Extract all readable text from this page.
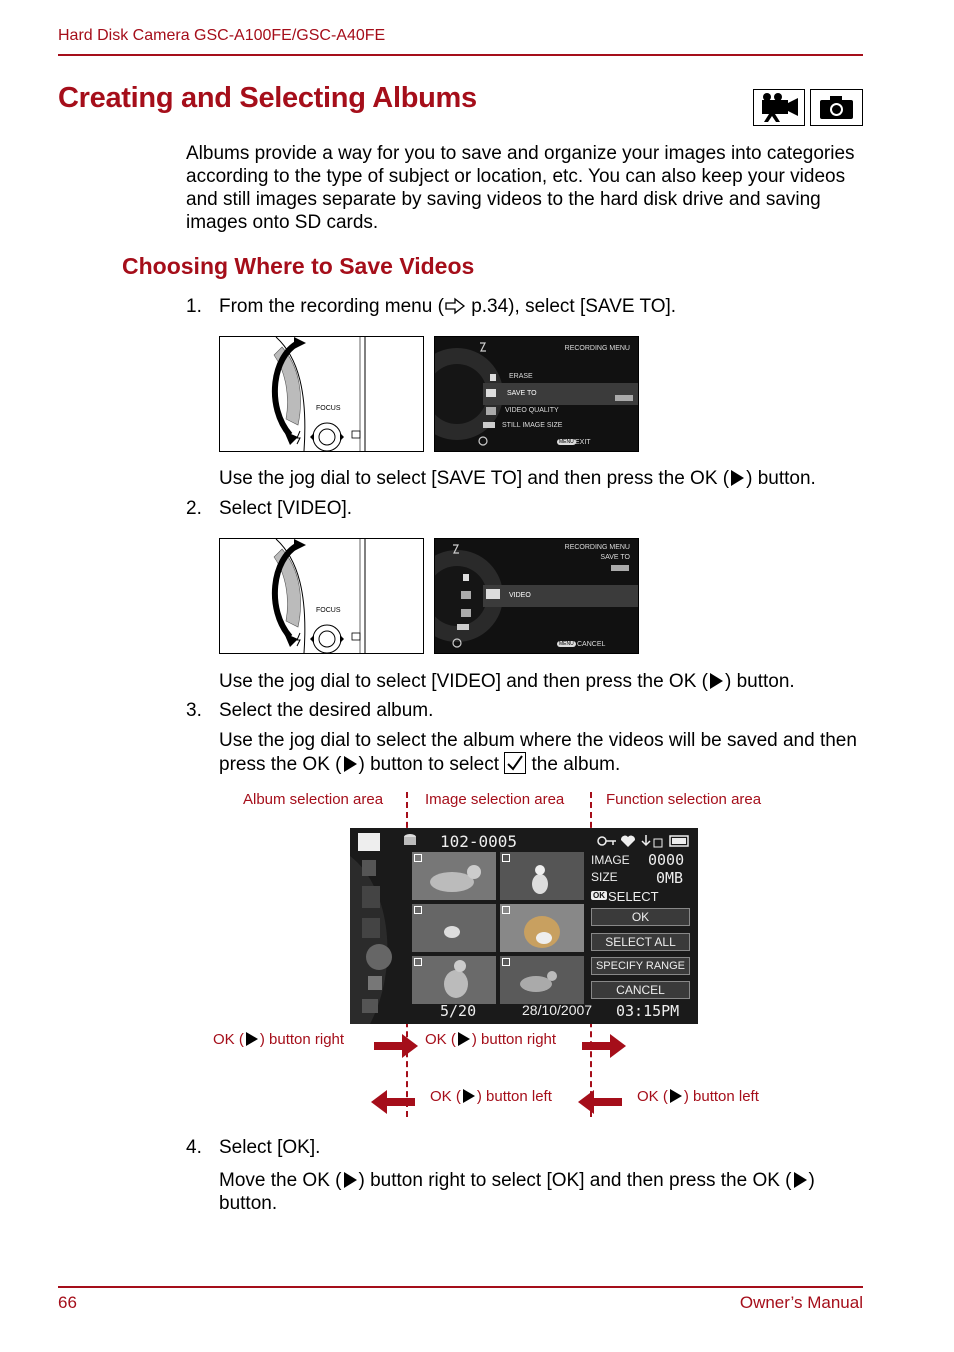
Hard Disk Camera GSC-A100FE/GSC-A40FE
Creating and Selecting Albums
Albums provide a way for you to save and organize your images into categories according to the type of subject or location, etc. You can also keep your videos and still images separate by saving videos to the hard disk drive and saving images onto SD cards.
Choosing Where to Save Videos
1. From the recording menu ( p.34), select [SAVE TO].
FOCUS
RECORDING MENU
ERASE
SAVE TO
VIDEO QUALITY
STILL IMAGE SIZE
MENU EXIT
Use the jog dial to select [SAVE TO] and then press the OK ( ) button.
2. Select [VIDEO].
FOCUS
RECORDING MENU
SAVE TO
VIDEO
MENU CANCEL
Use the jog dial to select [VIDEO] and then press the OK ( ) button.
3. Select the desired album.
Use the jog dial to select the album where the videos will be saved and then press the OK ( ) button to select
the album.
Album selection area	Image selection area	Function selection area
102-0005
IMAGE 0000
SIZE	0MB
OK SELECT
OK
SELECT ALL
SPECIFY RANGE
CANCEL
5/20	28/10/2007 03:15PM
OK ( ) button right	OK ( ) button right
OK ( ) button left	OK ( ) button left
4. Select [OK].
Move the OK ( ) button right to select [OK] and then press the OK ( )
button.
66	Owner’s Manual
